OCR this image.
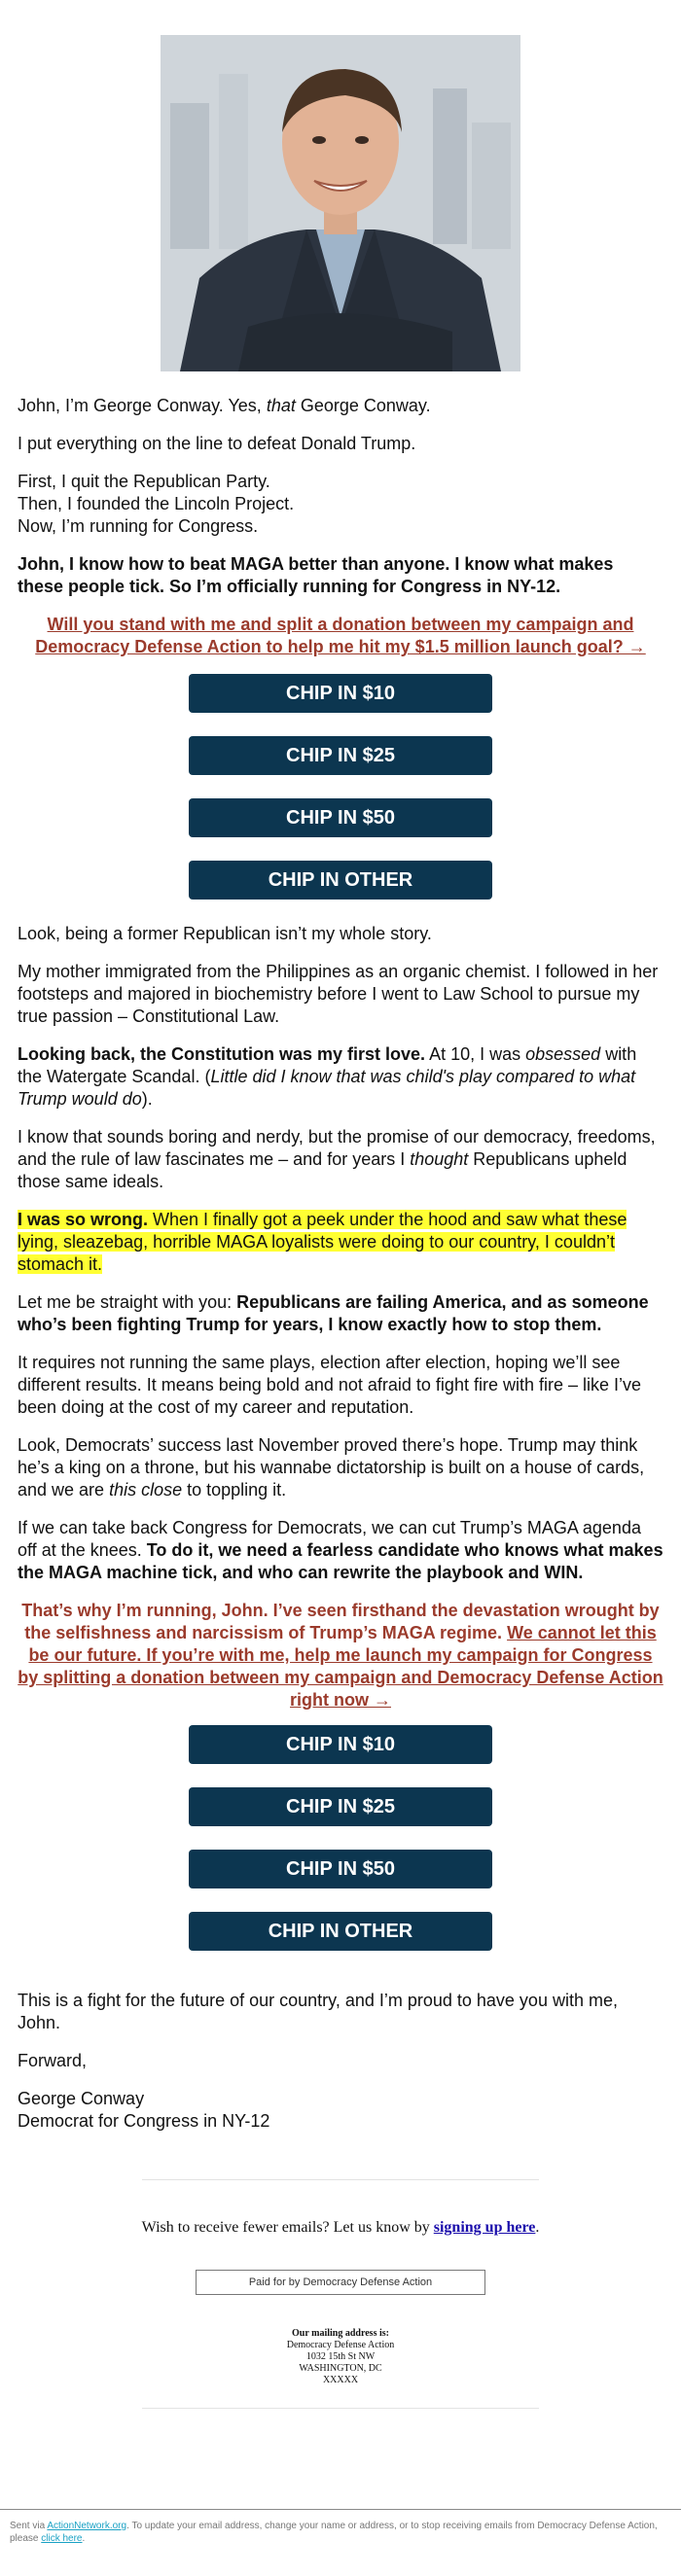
John, I’m George Conway. Yes, that George Conway.

I put everything on the line to defeat Donald Trump.

First, I quit the Republican Party.
Then, I founded the Lincoln Project.
Now, I’m running for Congress.

John, I know how to beat MAGA better than anyone. I know what makes these people tick. So I’m officially running for Congress in NY-12.

Will you stand with me and split a donation between my campaign and Democracy Defense Action to help me hit my $1.5 million launch goal? →

CHIP IN $10
CHIP IN $25
CHIP IN $50
CHIP IN OTHER

Look, being a former Republican isn’t my whole story.

My mother immigrated from the Philippines as an organic chemist. I followed in her footsteps and majored in biochemistry before I went to Law School to pursue my true passion – Constitutional Law.

Looking back, the Constitution was my first love. At 10, I was obsessed with the Watergate Scandal. (Little did I know that was child's play compared to what Trump would do).

I know that sounds boring and nerdy, but the promise of our democracy, freedoms, and the rule of law fascinates me – and for years I thought Republicans upheld those same ideals.

I was so wrong. When I finally got a peek under the hood and saw what these lying, sleazebag, horrible MAGA loyalists were doing to our country, I couldn’t stomach it.

Let me be straight with you: Republicans are failing America, and as someone who’s been fighting Trump for years, I know exactly how to stop them.

It requires not running the same plays, election after election, hoping we’ll see different results. It means being bold and not afraid to fight fire with fire – like I’ve been doing at the cost of my career and reputation.

Look, Democrats’ success last November proved there’s hope. Trump may think he’s a king on a throne, but his wannabe dictatorship is built on a house of cards, and we are this close to toppling it.

If we can take back Congress for Democrats, we can cut Trump’s MAGA agenda off at the knees. To do it, we need a fearless candidate who knows what makes the MAGA machine tick, and who can rewrite the playbook and WIN.

That’s why I’m running, John. I’ve seen firsthand the devastation wrought by the selfishness and narcissism of Trump’s MAGA regime. We cannot let this be our future. If you’re with me, help me launch my campaign for Congress by splitting a donation between my campaign and Democracy Defense Action right now →

CHIP IN $10
CHIP IN $25
CHIP IN $50
CHIP IN OTHER

This is a fight for the future of our country, and I’m proud to have you with me, John.

Forward,

George Conway

Democrat for Congress in NY-12

Wish to receive fewer emails? Let us know by signing up here.

Paid for by Democracy Defense Action
Our mailing address is:
Democracy Defense Action
1032 15th St NW
WASHINGTON, DC
XXXXX
Sent via ActionNetwork.org. To update your email address, change your name or address, or to stop receiving emails from Democracy Defense Action, please click here.
